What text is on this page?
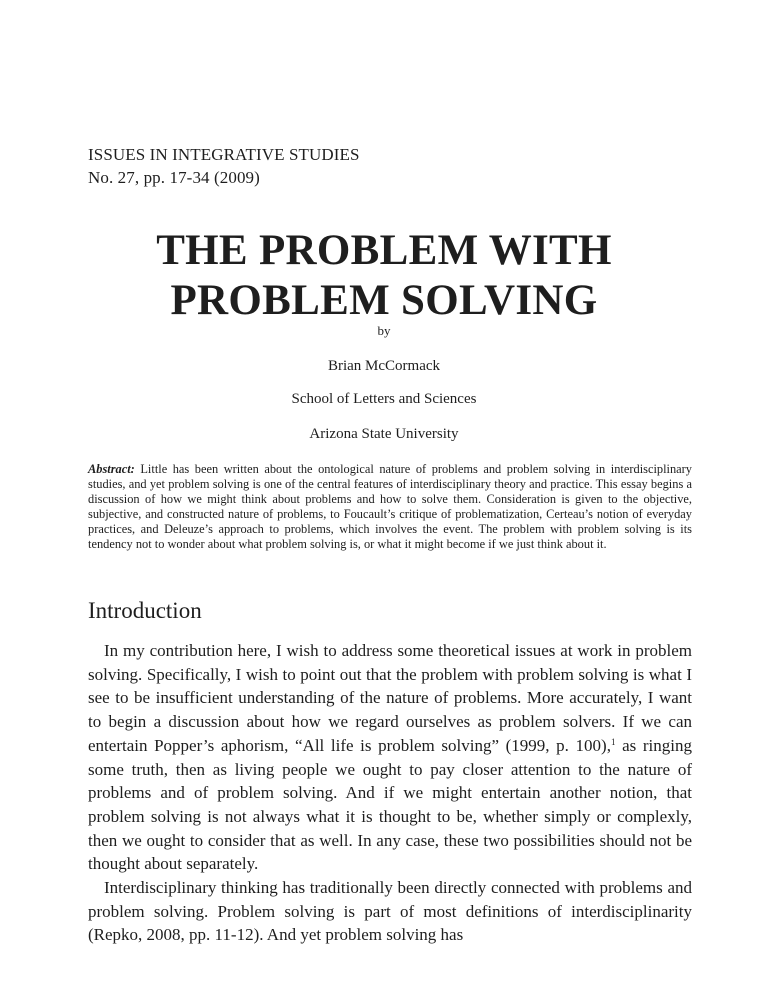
ISSUES IN INTEGRATIVE STUDIES
No. 27, pp. 17-34 (2009)
THE PROBLEM WITH
PROBLEM SOLVING
by
Brian McCormack
School of Letters and Sciences
Arizona State University
Abstract: Little has been written about the ontological nature of problems and problem solving in interdisciplinary studies, and yet problem solving is one of the central features of interdisciplinary theory and practice. This essay begins a discussion of how we might think about problems and how to solve them. Consideration is given to the objective, subjective, and constructed nature of problems, to Foucault’s critique of problematization, Certeau’s notion of everyday practices, and Deleuze’s approach to problems, which involves the event. The problem with problem solving is its tendency not to wonder about what problem solving is, or what it might become if we just think about it.
Introduction

In my contribution here, I wish to address some theoretical issues at work in problem solving. Specifically, I wish to point out that the problem with problem solving is what I see to be insufficient understanding of the nature of problems. More accurately, I want to begin a discussion about how we regard ourselves as problem solvers. If we can entertain Popper’s aphorism, “All life is problem solving” (1999, p. 100),$^1$ as ringing some truth, then as living people we ought to pay closer attention to the nature of problems and of problem solving. And if we might entertain another notion, that problem solving is not always what it is thought to be, whether simply or complexly, then we ought to consider that as well. In any case, these two possibilities should not be thought about separately.

Interdisciplinary thinking has traditionally been directly connected with problems and problem solving. Problem solving is part of most definitions of interdisciplinarity (Repko, 2008, pp. 11-12). And yet problem solving has
